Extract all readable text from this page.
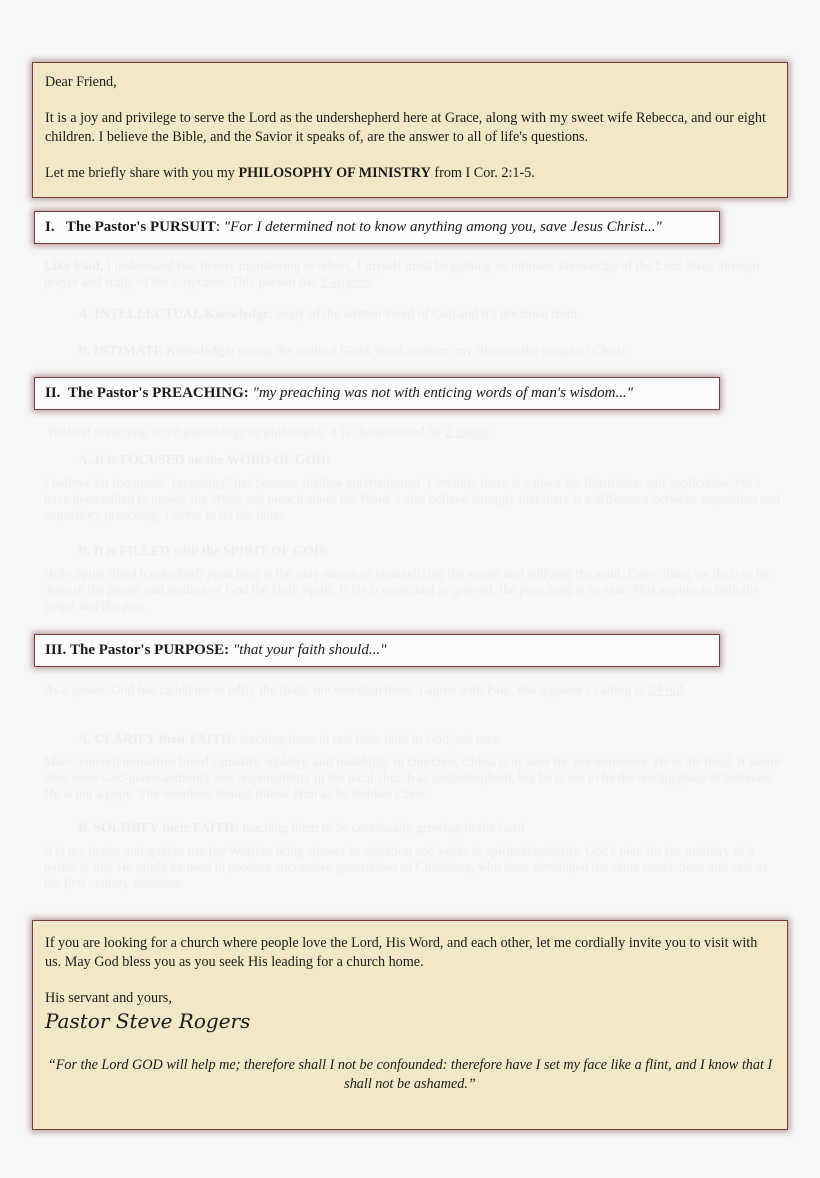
Dear Friend,

It is a joy and privilege to serve the Lord as the undershepherd here at Grace, along with my sweet wife Rebecca, and our eight children. I believe the Bible, and the Savior it speaks of, are the answer to all of life's questions.

Let me briefly share with you my PHILOSOPHY OF MINISTRY from I Cor. 2:1-5.

I. The Pastor's PURSUIT: "For I determined not to know anything among you, save Jesus Christ..."

Like Paul, I understand that before ministering to others, I myself must be gaining an intimate knowledge of the Lord Jesus through prayer and study of the scriptures. This pursuit has 2 aspects:

A. INTELLECTUAL Knowledge: study of the written Word of God and it's doctrinal truth.

B. INTIMATE Knowledge: seeing the truth of God's Word conform my life into the image of Christ.

II. The Pastor's PREACHING: "my preaching was not with enticing words of man's wisdom..."

Biblical preaching is not psychology or philosophy, it is characterized by 2 things:

A. It is FOCUSED on the WORD OF GOD:

I believe far too much "preaching" has become shallow entertainment. Certainly there is a place for illustration and application, but I have been called to preach the Word, not preach about the Word. I also believe strongly that there is a difference between exposition and expository preaching. I strive to do the latter.

B. It is FILLED with the SPIRIT OF GOD:

Holy Spirit filled (controlled) preaching is the only means of evangelizing the sinner and edifying the saint. Every thing we do is to be done in the power and leading of God the Holy Spirit. If He is quenched or grieved, the preaching is in vain. This applies to both the pulpit and the pew.

III. The Pastor's PURPOSE: "that your faith should..."

As a pastor, God has called me to edify the flock, not entertain them. I agree with Paul, that a pastor's calling is 2-Fold:

A. CLARIFY their FAITH: teaching them to rest their faith in God, not men.

Man-centered ministries breed carnality, idolatry, and instability in churches. Christ is to have the pre-eminence. He is the head. A pastor does have God-given authority and responsibility in the local church as undershepherd, but he is not to be the resting place of believers. He is not a pope. The members should follow Him as he follows Christ.

B. SOLIDIFY their FAITH: teaching them to be continually growing in the Lord.

It is my desire and goal to use the Word to bring sinners to salvation and saints to spiritual maturity. God's plan for the ministry of a pastor is that He might be used to produce successive generations of Christians, who have developed the same convictions and zeal as the first century churches.

If you are looking for a church where people love the Lord, His Word, and each other, let me cordially invite you to visit with us. May God bless you as you seek His leading for a church home.

His servant and yours,

Pastor Steve Rogers

“For the Lord GOD will help me; therefore shall I not be confounded: therefore have I set my face like a flint, and I know that I shall not be ashamed.”
